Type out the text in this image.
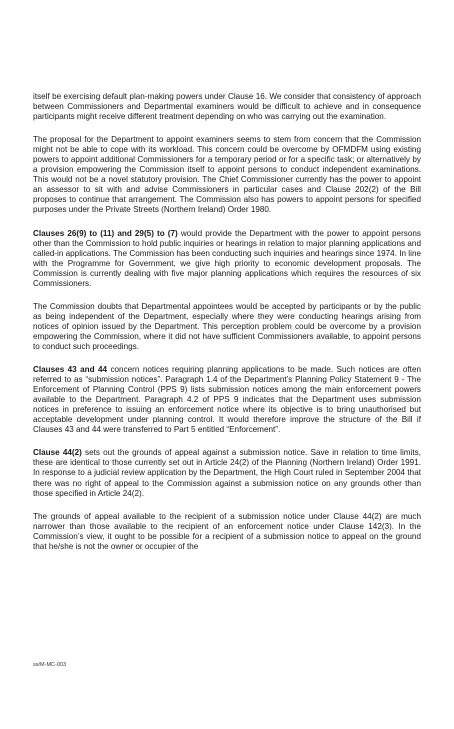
itself be exercising default plan-making powers under Clause 16. We consider that consistency of approach between Commissioners and Departmental examiners would be difficult to achieve and in consequence participants might receive different treatment depending on who was carrying out the examination.

The proposal for the Department to appoint examiners seems to stem from concern that the Commission might not be able to cope with its workload. This concern could be overcome by OFMDFM using existing powers to appoint additional Commissioners for a temporary period or for a specific task; or alternatively by a provision empowering the Commission itself to appoint persons to conduct independent examinations. This would not be a novel statutory provision. The Chief Commissioner currently has the power to appoint an assessor to sit with and advise Commissioners in particular cases and Clause 202(2) of the Bill proposes to continue that arrangement. The Commission also has powers to appoint persons for specified purposes under the Private Streets (Northern Ireland) Order 1980.

Clauses 26(9) to (11) and 29(5) to (7) would provide the Department with the power to appoint persons other than the Commission to hold public inquiries or hearings in relation to major planning applications and called-in applications. The Commission has been conducting such inquiries and hearings since 1974. In line with the Programme for Government, we give high priority to economic development proposals. The Commission is currently dealing with five major planning applications which requires the resources of six Commissioners.

The Commission doubts that Departmental appointees would be accepted by participants or by the public as being independent of the Department, especially where they were conducting hearings arising from notices of opinion issued by the Department. This perception problem could be overcome by a provision empowering the Commission, where it did not have sufficient Commissioners available, to appoint persons to conduct such proceedings.

Clauses 43 and 44 concern notices requiring planning applications to be made. Such notices are often referred to as “submission notices”. Paragraph 1.4 of the Department’s Planning Policy Statement 9 - The Enforcement of Planning Control (PPS 9) lists submission notices among the main enforcement powers available to the Department. Paragraph 4.2 of PPS 9 indicates that the Department uses submission notices in preference to issuing an enforcement notice where its objective is to bring unauthorised but acceptable development under planning control. It would therefore improve the structure of the Bill if Clauses 43 and 44 were transferred to Part 5 entitled “Enforcement”.

Clause 44(2) sets out the grounds of appeal against a submission notice. Save in relation to time limits, these are identical to those currently set out in Article 24(2) of the Planning (Northern Ireland) Order 1991. In response to a judicial review application by the Department, the High Court ruled in September 2004 that there was no right of appeal to the Commission against a submission notice on any grounds other than those specified in Article 24(2).

The grounds of appeal available to the recipient of a submission notice under Clause 44(2) are much narrower than those available to the recipient of an enforcement notice under Clause 142(3). In the Commission’s view, it ought to be possible for a recipient of a submission notice to appeal on the ground that he/she is not the owner or occupier of the

ss/M-MC-003
